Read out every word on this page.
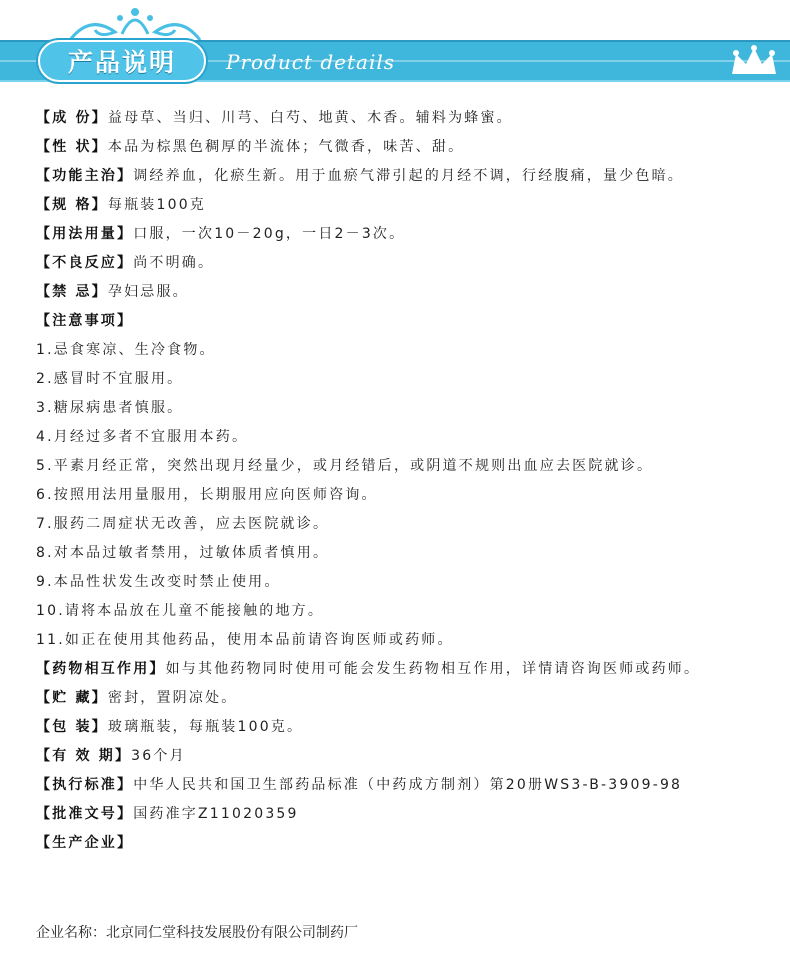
产品说明	Product details

【成 份】益母草、当归、川芎、白芍、地黄、木香。辅料为蜂蜜。

【性 状】本品为棕黑色稠厚的半流体；气微香，味苦、甜。

【功能主治】调经养血，化瘀生新。用于血瘀气滞引起的月经不调，行经腹痛，量少色暗。

【规 格】每瓶装100克

【用法用量】口服，一次10－20g，一日2－3次。

【不良反应】尚不明确。

【禁 忌】孕妇忌服。

【注意事项】

1.忌食寒凉、生冷食物。

2.感冒时不宜服用。

3.糖尿病患者慎服。

4.月经过多者不宜服用本药。

5.平素月经正常，突然出现月经量少，或月经错后，或阴道不规则出血应去医院就诊。

6.按照用法用量服用，长期服用应向医师咨询。

7.服药二周症状无改善，应去医院就诊。

8.对本品过敏者禁用，过敏体质者慎用。

9.本品性状发生改变时禁止使用。

10.请将本品放在儿童不能接触的地方。

11.如正在使用其他药品，使用本品前请咨询医师或药师。

【药物相互作用】如与其他药物同时使用可能会发生药物相互作用，详情请咨询医师或药师。

【贮 藏】密封，置阴凉处。

【包 装】玻璃瓶装，每瓶装100克。

【有 效 期】36个月

【执行标准】中华人民共和国卫生部药品标准（中药成方制剂）第20册WS3-B-3909-98

【批准文号】国药准字Z11020359

【生产企业】

企业名称：北京同仁堂科技发展股份有限公司制药厂
